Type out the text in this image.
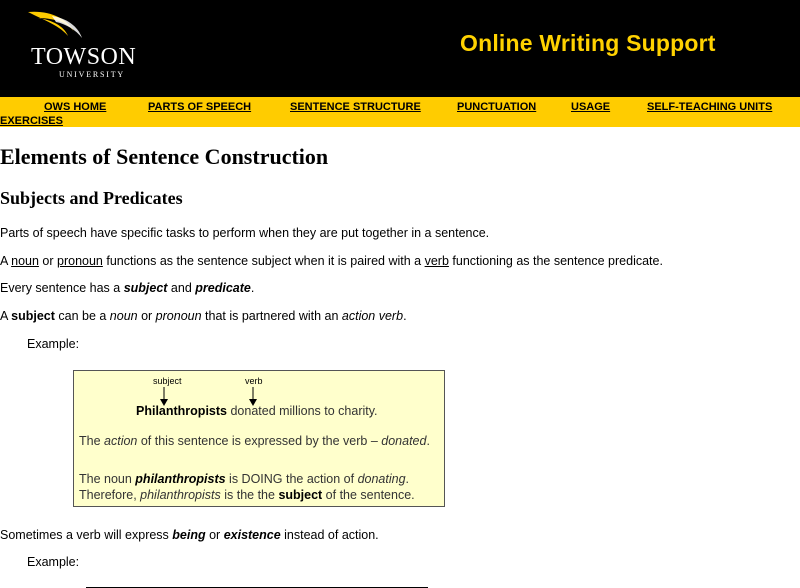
TOWSON
UNIVERSITY
Online Writing Support
OWS HOME	PARTS OF SPEECH	SENTENCE STRUCTURE	PUNCTUATION	USAGE	SELF-TEACHING UNITS
EXERCISES
Elements of Sentence Construction
Subjects and Predicates

Parts of speech have specific tasks to perform when they are put together in a sentence.

A noun or pronoun functions as the sentence subject when it is paired with a verb functioning as the sentence predicate.

Every sentence has a subject and predicate.

A subject can be a noun or pronoun that is partnered with an action verb.

Example:
subject	verb
Philanthropists donated millions to charity.
The action of this sentence is expressed by the verb – donated.
The noun philanthropists is DOING the action of donating.
Therefore, philanthropists is the the subject of the sentence.

Sometimes a verb will express being or existence instead of action.

Example:
